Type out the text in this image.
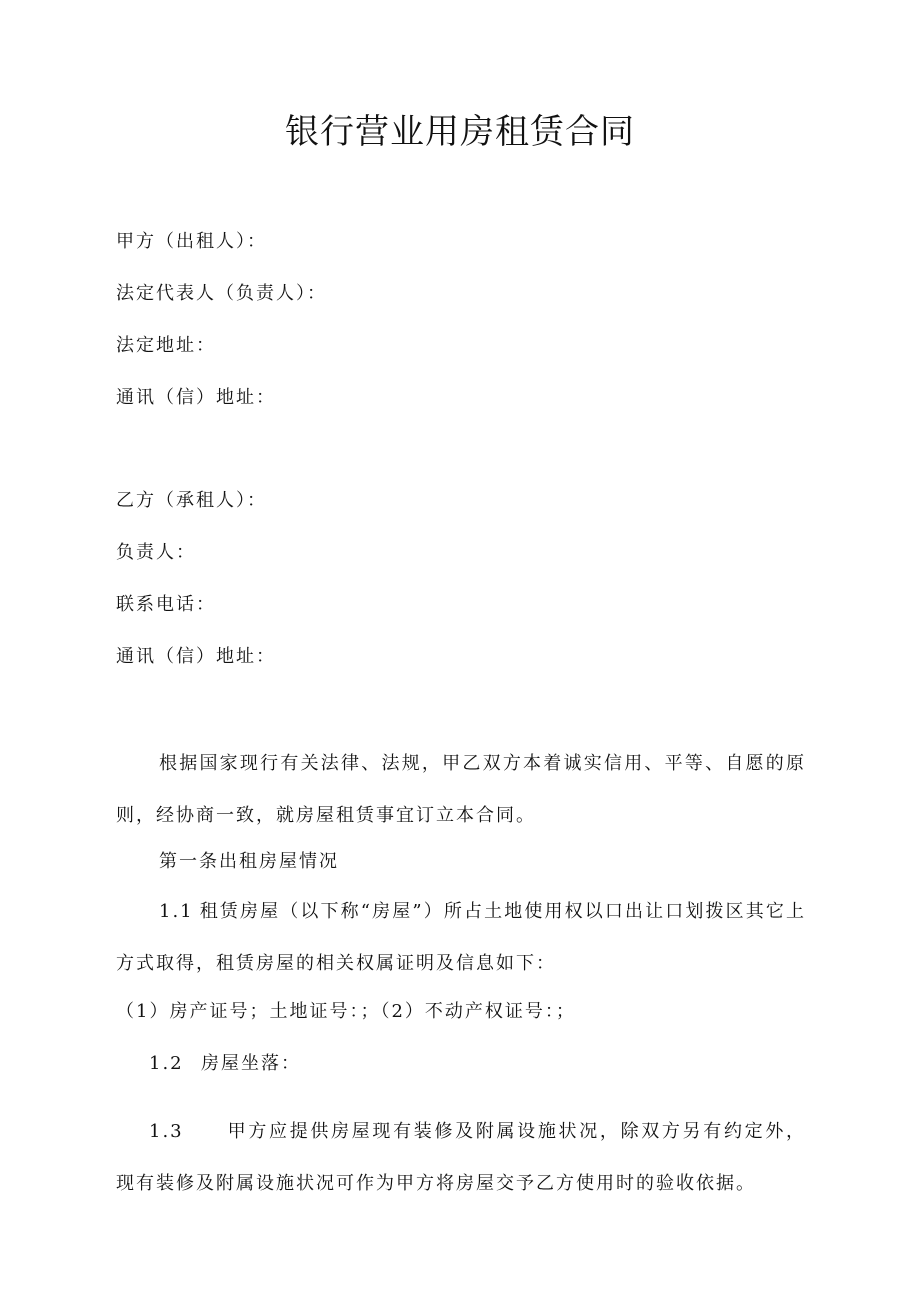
银行营业用房租赁合同
甲方（出租人）：
法定代表人（负责人）：
法定地址：
通讯（信）地址：
乙方（承租人）：
负责人：
联系电话：
通讯（信）地址：
根据国家现行有关法律、法规，甲乙双方本着诚实信用、平等、自愿的原则，经协商一致，就房屋租赁事宜订立本合同。
第一条出租房屋情况
1.1 租赁房屋（以下称“房屋”）所占土地使用权以口出让口划拨区其它上方式取得，租赁房屋的相关权属证明及信息如下：
（1）房产证号；土地证号：；（2）不动产权证号：；
1.2 房屋坐落：
1.3 甲方应提供房屋现有装修及附属设施状况，除双方另有约定外，现有装修及附属设施状况可作为甲方将房屋交予乙方使用时的验收依据。
